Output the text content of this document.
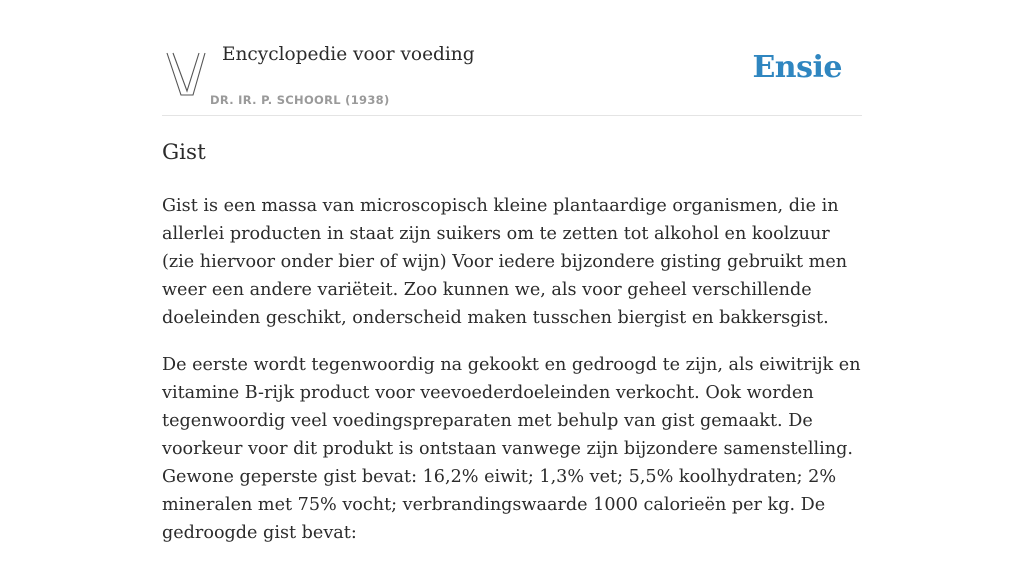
Encyclopedie voor voeding
DR. IR. P. SCHOORL (1938)
Ensie
Gist

Gist is een massa van microscopisch kleine plantaardige organismen, die in allerlei producten in staat zijn suikers om te zetten tot alkohol en koolzuur (zie hiervoor onder bier of wijn) Voor iedere bijzondere gisting gebruikt men weer een andere variëteit. Zoo kunnen we, als voor geheel verschillende doeleinden geschikt, onderscheid maken tusschen biergist en bakkersgist.

De eerste wordt tegenwoordig na gekookt en gedroogd te zijn, als eiwitrijk en vitamine B-rijk product voor veevoederdoeleinden verkocht. Ook worden tegenwoordig veel voedingspreparaten met behulp van gist gemaakt. De voorkeur voor dit produkt is ontstaan vanwege zijn bijzondere samenstelling. Gewone geperste gist bevat: 16,2% eiwit; 1,3% vet; 5,5% koolhydraten; 2% mineralen met 75% vocht; verbrandingswaarde 1000 calorieën per kg. De gedroogde gist bevat:
